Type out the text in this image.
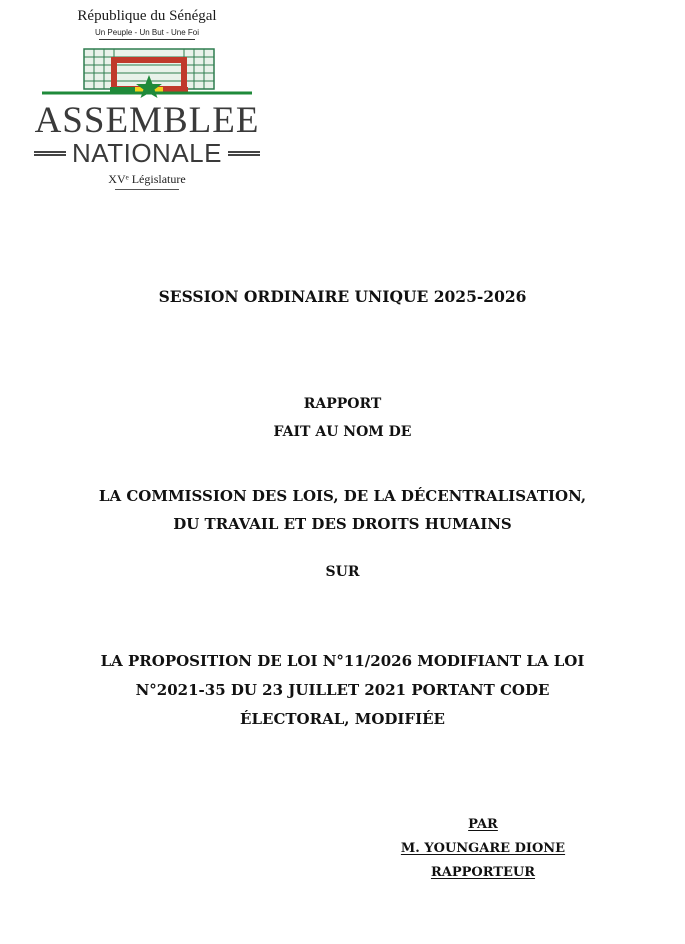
République du Sénégal
Un Peuple - Un But - Une Foi
ASSEMBLEE
NATIONALE
XVᵉ Législature
SESSION ORDINAIRE UNIQUE 2025-2026
RAPPORT
FAIT AU NOM DE
LA COMMISSION DES LOIS, DE LA DÉCENTRALISATION,
DU TRAVAIL ET DES DROITS HUMAINS
SUR
LA PROPOSITION DE LOI N°11/2026 MODIFIANT LA LOI
N°2021-35 DU 23 JUILLET 2021 PORTANT CODE
ÉLECTORAL, MODIFIÉE
PAR
M. YOUNGARE DIONE
RAPPORTEUR
